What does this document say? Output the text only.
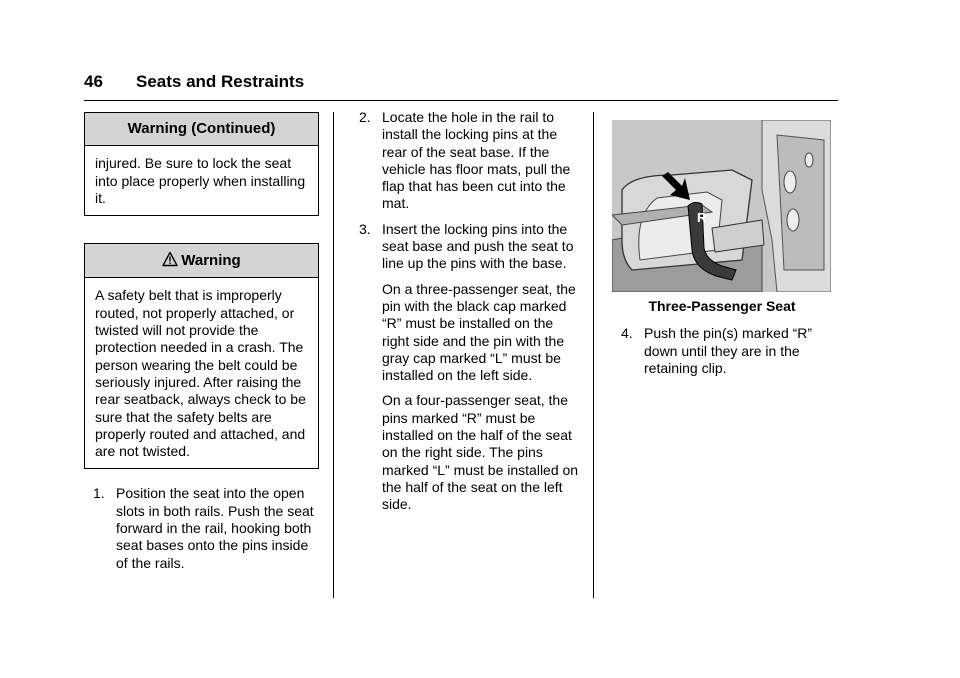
46 Seats and Restraints
Warning (Continued)

injured. Be sure to lock the seat into place properly when installing it.

Warning

A safety belt that is improperly routed, not properly attached, or twisted will not provide the protection needed in a crash. The person wearing the belt could be seriously injured. After raising the rear seatback, always check to be sure that the safety belts are properly routed and attached, and are not twisted.

1. Position the seat into the open slots in both rails. Push the seat forward in the rail, hooking both seat bases onto the pins inside of the rails.

2. Locate the hole in the rail to install the locking pins at the rear of the seat base. If the vehicle has floor mats, pull the flap that has been cut into the mat.

3. Insert the locking pins into the seat base and push the seat to line up the pins with the base.

On a three-passenger seat, the pin with the black cap marked “R” must be installed on the right side and the pin with the gray cap marked “L” must be installed on the left side.

On a four-passenger seat, the pins marked “R” must be installed on the half of the seat on the right side. The pins marked “L” must be installed on the half of the seat on the left side.

R
Three-Passenger Seat

4. Push the pin(s) marked “R” down until they are in the retaining clip.
